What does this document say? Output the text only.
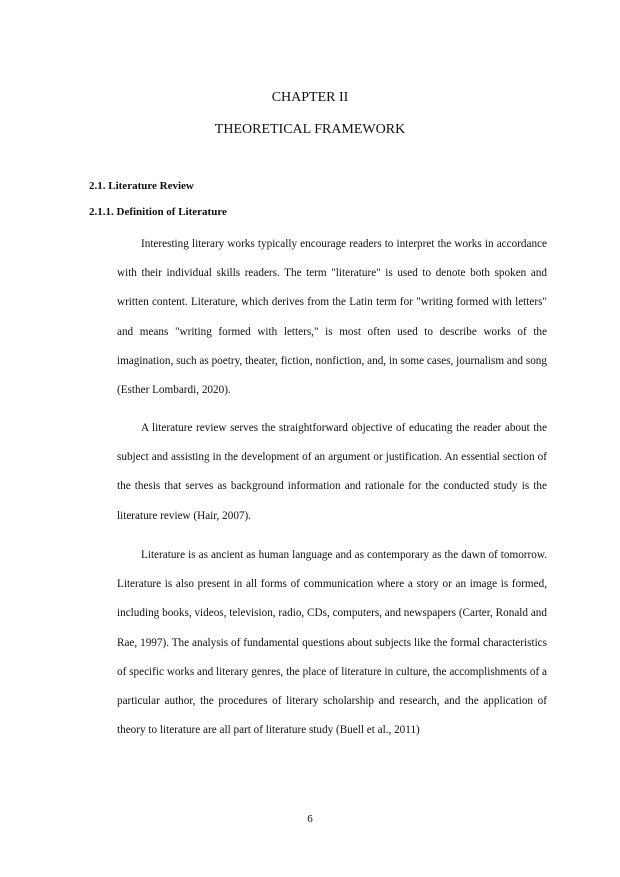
CHAPTER II
THEORETICAL FRAMEWORK
2.1. Literature Review
2.1.1. Definition of Literature

Interesting literary works typically encourage readers to interpret the works in accordance with their individual skills readers. The term "literature" is used to denote both spoken and written content. Literature, which derives from the Latin term for "writing formed with letters" and means "writing formed with letters," is most often used to describe works of the imagination, such as poetry, theater, fiction, nonfiction, and, in some cases, journalism and song (Esther Lombardi, 2020).

A literature review serves the straightforward objective of educating the reader about the subject and assisting in the development of an argument or justification. An essential section of the thesis that serves as background information and rationale for the conducted study is the literature review (Hair, 2007).

Literature is as ancient as human language and as contemporary as the dawn of tomorrow. Literature is also present in all forms of communication where a story or an image is formed, including books, videos, television, radio, CDs, computers, and newspapers (Carter, Ronald and Rae, 1997). The analysis of fundamental questions about subjects like the formal characteristics of specific works and literary genres, the place of literature in culture, the accomplishments of a particular author, the procedures of literary scholarship and research, and the application of theory to literature are all part of literature study (Buell et al., 2011)

6
